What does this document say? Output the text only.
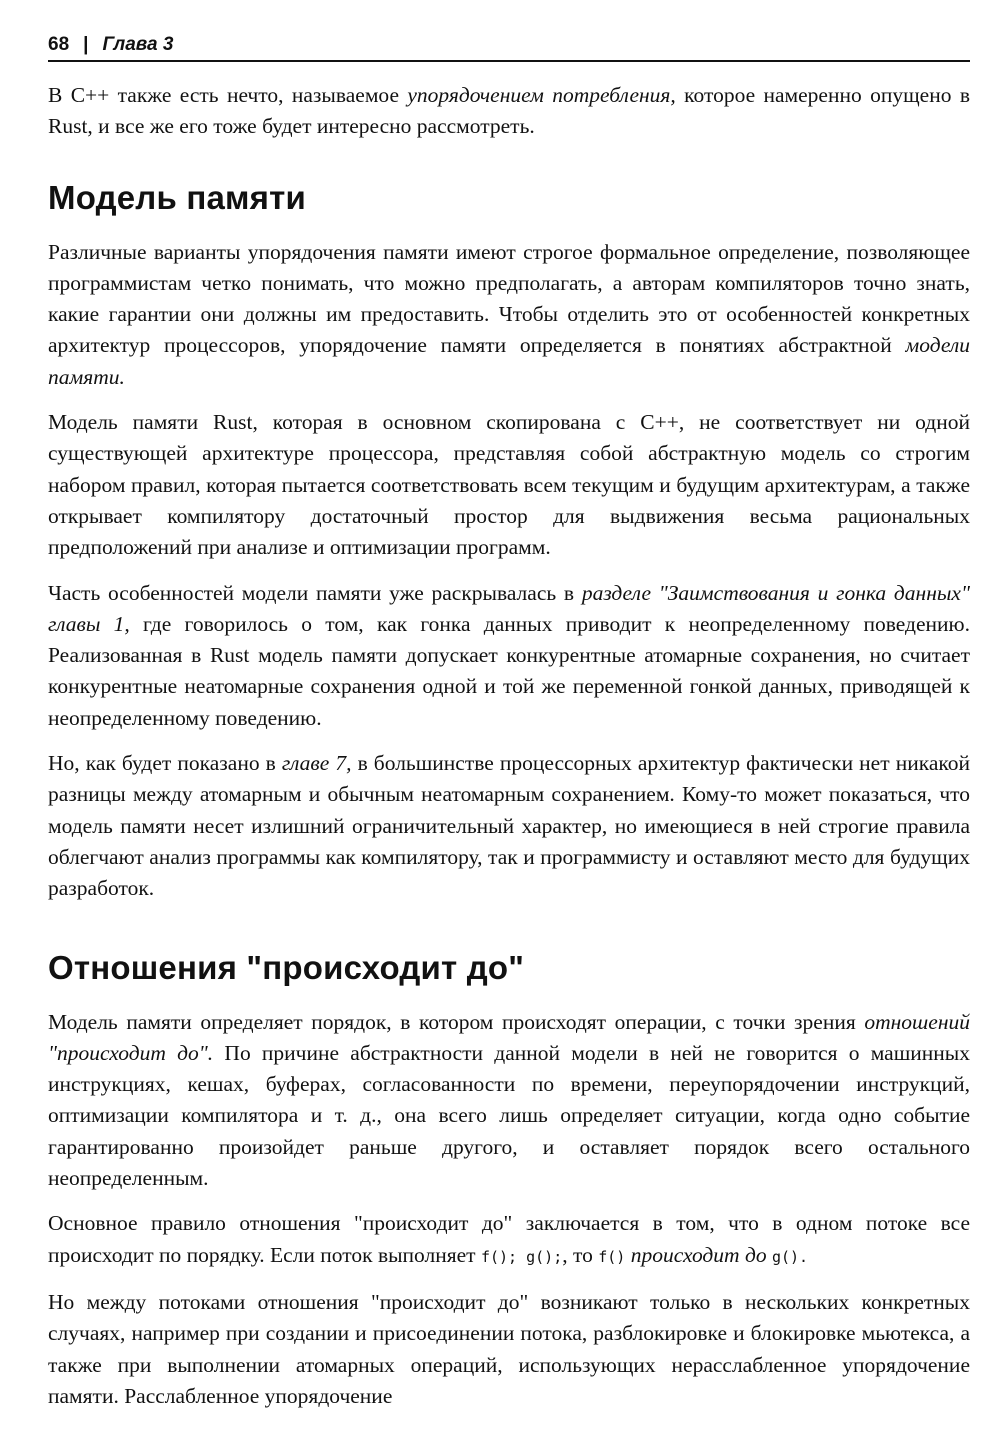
68 | Глава 3

В C++ также есть нечто, называемое упорядочением потребления, которое намеренно опущено в Rust, и все же его тоже будет интересно рассмотреть.

Модель памяти

Различные варианты упорядочения памяти имеют строгое формальное определение, позволяющее программистам четко понимать, что можно предполагать, а авторам компиляторов точно знать, какие гарантии они должны им предоставить. Чтобы отделить это от особенностей конкретных архитектур процессоров, упорядочение памяти определяется в понятиях абстрактной модели памяти.

Модель памяти Rust, которая в основном скопирована с C++, не соответствует ни одной существующей архитектуре процессора, представляя собой абстрактную модель со строгим набором правил, которая пытается соответствовать всем текущим и будущим архитектурам, а также открывает компилятору достаточный простор для выдвижения весьма рациональных предположений при анализе и оптимизации программ.

Часть особенностей модели памяти уже раскрывалась в разделе "Заимствования и гонка данных" главы 1, где говорилось о том, как гонка данных приводит к неопределенному поведению. Реализованная в Rust модель памяти допускает конкурентные атомарные сохранения, но считает конкурентные неатомарные сохранения одной и той же переменной гонкой данных, приводящей к неопределенному поведению.

Но, как будет показано в главе 7, в большинстве процессорных архитектур фактически нет никакой разницы между атомарным и обычным неатомарным сохранением. Кому-то может показаться, что модель памяти несет излишний ограничительный характер, но имеющиеся в ней строгие правила облегчают анализ программы как компилятору, так и программисту и оставляют место для будущих разработок.

Отношения "происходит до"

Модель памяти определяет порядок, в котором происходят операции, с точки зрения отношений "происходит до". По причине абстрактности данной модели в ней не говорится о машинных инструкциях, кешах, буферах, согласованности по времени, переупорядочении инструкций, оптимизации компилятора и т. д., она всего лишь определяет ситуации, когда одно событие гарантированно произойдет раньше другого, и оставляет порядок всего остального неопределенным.

Основное правило отношения "происходит до" заключается в том, что в одном потоке все происходит по порядку. Если поток выполняет f(); g();, то f() происходит до g().

Но между потоками отношения "происходит до" возникают только в нескольких конкретных случаях, например при создании и присоединении потока, разблокировке и блокировке мьютекса, а также при выполнении атомарных операций, использующих нерасслабленное упорядочение памяти. Расслабленное упорядочение
